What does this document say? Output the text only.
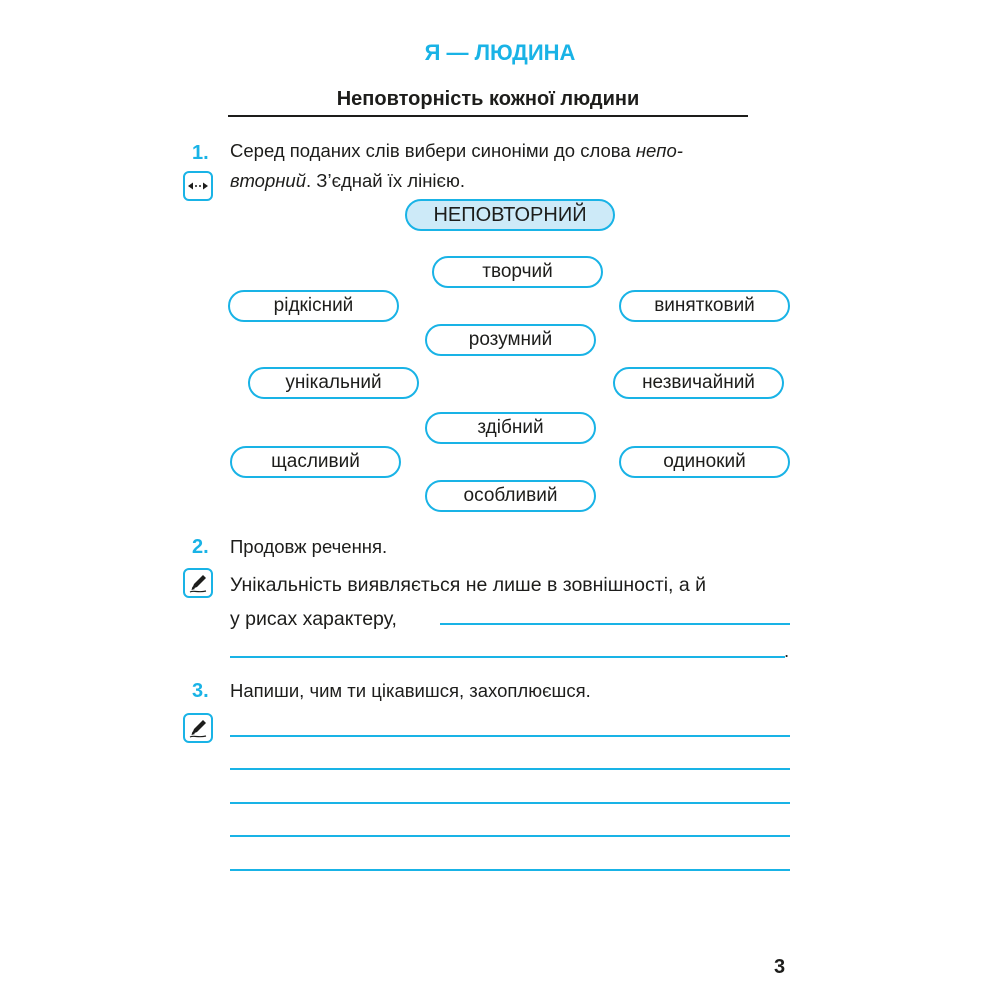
Я — ЛЮДИНА
Неповторність кожної людини
1. Серед поданих слів вибери синоніми до слова непо-
вторний. З’єднай їх лінією.
НЕПОВТОРНИЙ
творчий
рідкісний	винятковий
розумний
унікальний	незвичайний
здібний
щасливий	одинокий
особливий
2. Продовж речення.
Унікальність виявляється не лише в зовнішності, а й
у рисах характеру,
.
3. Напиши, чим ти цікавишся, захоплюєшся.
3
